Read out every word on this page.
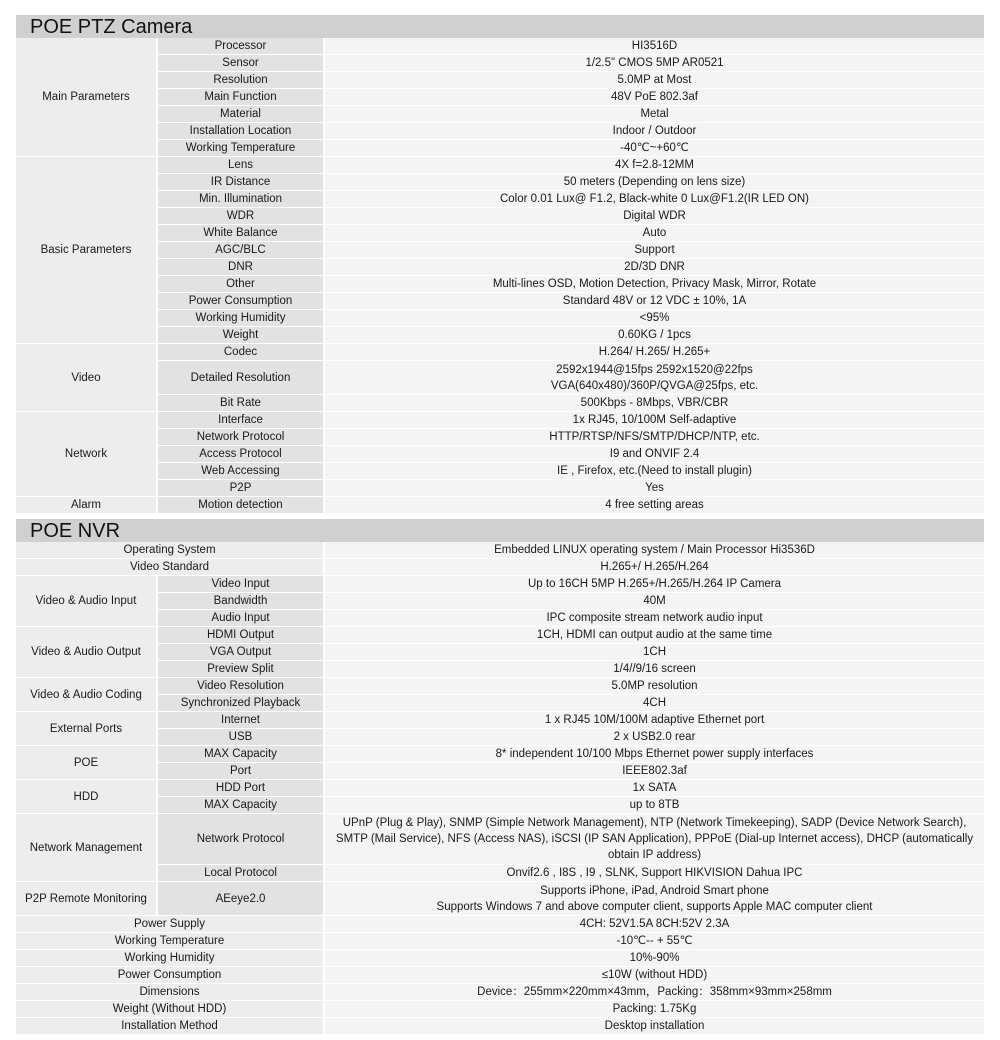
POE PTZ Camera
Main Parameters	Processor	HI3516D
	Sensor	1/2.5" CMOS 5MP AR0521
	Resolution	5.0MP at Most
	Main Function	48V PoE 802.3af
	Material	Metal
	Installation Location	Indoor / Outdoor
	Working Temperature	-40℃~+60℃
Basic Parameters	Lens	4X f=2.8-12MM
	IR Distance	50 meters (Depending on lens size)
	Min. Illumination	Color 0.01 Lux@ F1.2, Black-white 0 Lux@F1.2(IR LED ON)
	WDR	Digital WDR
	White Balance	Auto
	AGC/BLC	Support
	DNR	2D/3D DNR
	Other	Multi-lines OSD, Motion Detection, Privacy Mask, Mirror, Rotate
	Power Consumption	Standard 48V or 12 VDC ± 10%, 1A
	Working Humidity	<95%
	Weight	0.60KG / 1pcs
Video	Codec	H.264/ H.265/ H.265+
	Detailed Resolution	2592x1944@15fps 2592x1520@22fps
		VGA(640x480)/360P/QVGA@25fps, etc.
	Bit Rate	500Kbps - 8Mbps, VBR/CBR
Network	Interface	1x RJ45, 10/100M Self-adaptive
	Network Protocol	HTTP/RTSP/NFS/SMTP/DHCP/NTP, etc.
	Access Protocol	I9 and ONVIF 2.4
	Web Accessing	IE , Firefox, etc.(Need to install plugin)
	P2P	Yes
Alarm	Motion detection	4 free setting areas
POE NVR
Operating System		Embedded LINUX operating system / Main Processor Hi3536D
Video Standard		H.265+/ H.265/H.264
Video & Audio Input	Video Input	Up to 16CH 5MP H.265+/H.265/H.264 IP Camera
	Bandwidth	40M
	Audio Input	IPC composite stream network audio input
Video & Audio Output	HDMI Output	1CH, HDMI can output audio at the same time
	VGA Output	1CH
	Preview Split	1/4//9/16 screen
Video & Audio Coding	Video Resolution	5.0MP resolution
	Synchronized Playback	4CH
External Ports	Internet	1 x RJ45 10M/100M adaptive Ethernet port
	USB	2 x USB2.0 rear
POE	MAX Capacity	8* independent 10/100 Mbps Ethernet power supply interfaces
	Port	IEEE802.3af
HDD	HDD Port	1x SATA
	MAX Capacity	up to 8TB
Network Management	Network Protocol	UPnP (Plug & Play), SNMP (Simple Network Management), NTP (Network Timekeeping), SADP (Device Network Search), SMTP (Mail Service), NFS (Access NAS), iSCSI (IP SAN Application), PPPoE (Dial-up Internet access), DHCP (automatically obtain IP address)
	Local Protocol	Onvif2.6 , I8S , I9 , SLNK, Support HIKVISION Dahua IPC
P2P Remote Monitoring	AEeye2.0	Supports iPhone, iPad, Android Smart phone
		Supports Windows 7 and above computer client, supports Apple MAC computer client
Power Supply		4CH: 52V1.5A 8CH:52V 2.3A
Working Temperature		-10℃-- + 55℃
Working Humidity		10%-90%
Power Consumption		≤10W (without HDD)
Dimensions		Device：255mm×220mm×43mm，Packing：358mm×93mm×258mm
Weight (Without HDD)		Packing: 1.75Kg
Installation Method		Desktop installation
